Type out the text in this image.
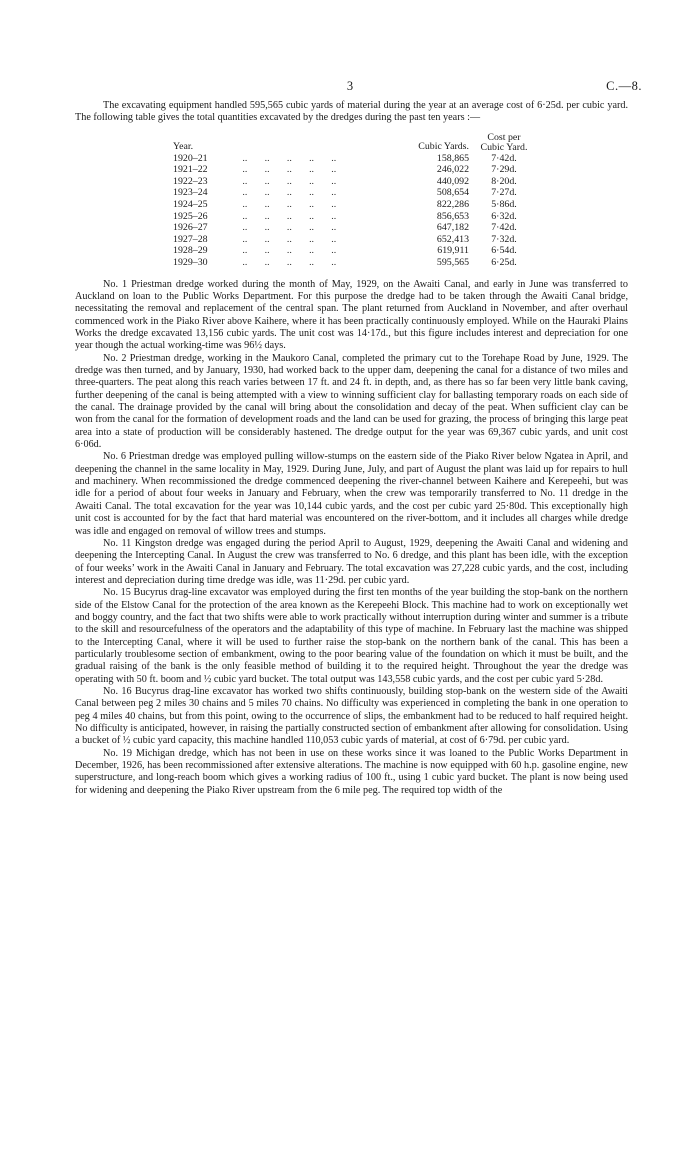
3	C.—8.

The excavating equipment handled 595,565 cubic yards of material during the year at an average cost of 6·25d. per cubic yard. The following table gives the total quantities excavated by the dredges during the past ten years :—

Year.		Cubic Yards.	Cost per
Cubic Yard.
1920–21	..       ..       ..       ..       ..	158,865	7·42d.
1921–22	..       ..       ..       ..       ..	246,022	7·29d.
1922–23	..       ..       ..       ..       ..	440,092	8·20d.
1923–24	..       ..       ..       ..       ..	508,654	7·27d.
1924–25	..       ..       ..       ..       ..	822,286	5·86d.
1925–26	..       ..       ..       ..       ..	856,653	6·32d.
1926–27	..       ..       ..       ..       ..	647,182	7·42d.
1927–28	..       ..       ..       ..       ..	652,413	7·32d.
1928–29	..       ..       ..       ..       ..	619,911	6·54d.
1929–30	..       ..       ..       ..       ..	595,565	6·25d.

No. 1 Priestman dredge worked during the month of May, 1929, on the Awaiti Canal, and early in June was transferred to Auckland on loan to the Public Works Department. For this purpose the dredge had to be taken through the Awaiti Canal bridge, necessitating the removal and replacement of the central span. The plant returned from Auckland in November, and after overhaul commenced work in the Piako River above Kaihere, where it has been practically continuously employed. While on the Hauraki Plains Works the dredge excavated 13,156 cubic yards. The unit cost was 14·17d., but this figure includes interest and depreciation for one year though the actual working-time was 96½ days.

No. 2 Priestman dredge, working in the Maukoro Canal, completed the primary cut to the Torehape Road by June, 1929. The dredge was then turned, and by January, 1930, had worked back to the upper dam, deepening the canal for a distance of two miles and three-quarters. The peat along this reach varies between 17 ft. and 24 ft. in depth, and, as there has so far been very little bank caving, further deepening of the canal is being attempted with a view to winning sufficient clay for ballasting temporary roads on each side of the canal. The drainage provided by the canal will bring about the consolidation and decay of the peat. When sufficient clay can be won from the canal for the formation of development roads and the land can be used for grazing, the process of bringing this large peat area into a state of production will be considerably hastened. The dredge output for the year was 69,367 cubic yards, and unit cost 6·06d.

No. 6 Priestman dredge was employed pulling willow-stumps on the eastern side of the Piako River below Ngatea in April, and deepening the channel in the same locality in May, 1929. During June, July, and part of August the plant was laid up for repairs to hull and machinery. When recommissioned the dredge commenced deepening the river-channel between Kaihere and Kerepeehi, but was idle for a period of about four weeks in January and February, when the crew was temporarily transferred to No. 11 dredge in the Awaiti Canal. The total excavation for the year was 10,144 cubic yards, and the cost per cubic yard 25·80d. This exceptionally high unit cost is accounted for by the fact that hard material was encountered on the river-bottom, and it includes all charges while dredge was idle and engaged on removal of willow trees and stumps.

No. 11 Kingston dredge was engaged during the period April to August, 1929, deepening the Awaiti Canal and widening and deepening the Intercepting Canal. In August the crew was transferred to No. 6 dredge, and this plant has been idle, with the exception of four weeks’ work in the Awaiti Canal in January and February. The total excavation was 27,228 cubic yards, and the cost, including interest and depreciation during time dredge was idle, was 11·29d. per cubic yard.

No. 15 Bucyrus drag-line excavator was employed during the first ten months of the year building the stop-bank on the northern side of the Elstow Canal for the protection of the area known as the Kerepeehi Block. This machine had to work on exceptionally wet and boggy country, and the fact that two shifts were able to work practically without interruption during winter and summer is a tribute to the skill and resourcefulness of the operators and the adaptability of this type of machine. In February last the machine was shipped to the Intercepting Canal, where it will be used to further raise the stop-bank on the northern bank of the canal. This has been a particularly troublesome section of embankment, owing to the poor bearing value of the foundation on which it must be built, and the gradual raising of the bank is the only feasible method of building it to the required height. Throughout the year the dredge was operating with 50 ft. boom and ½ cubic yard bucket. The total output was 143,558 cubic yards, and the cost per cubic yard 5·28d.

No. 16 Bucyrus drag-line excavator has worked two shifts continuously, building stop-bank on the western side of the Awaiti Canal between peg 2 miles 30 chains and 5 miles 70 chains. No difficulty was experienced in completing the bank in one operation to peg 4 miles 40 chains, but from this point, owing to the occurrence of slips, the embankment had to be reduced to half required height. No difficulty is anticipated, however, in raising the partially constructed section of embankment after allowing for consolidation. Using a bucket of ½ cubic yard capacity, this machine handled 110,053 cubic yards of material, at cost of 6·79d. per cubic yard.

No. 19 Michigan dredge, which has not been in use on these works since it was loaned to the Public Works Department in December, 1926, has been recommissioned after extensive alterations. The machine is now equipped with 60 h.p. gasoline engine, new superstructure, and long-reach boom which gives a working radius of 100 ft., using 1 cubic yard bucket. The plant is now being used for widening and deepening the Piako River upstream from the 6 mile peg. The required top width of the
